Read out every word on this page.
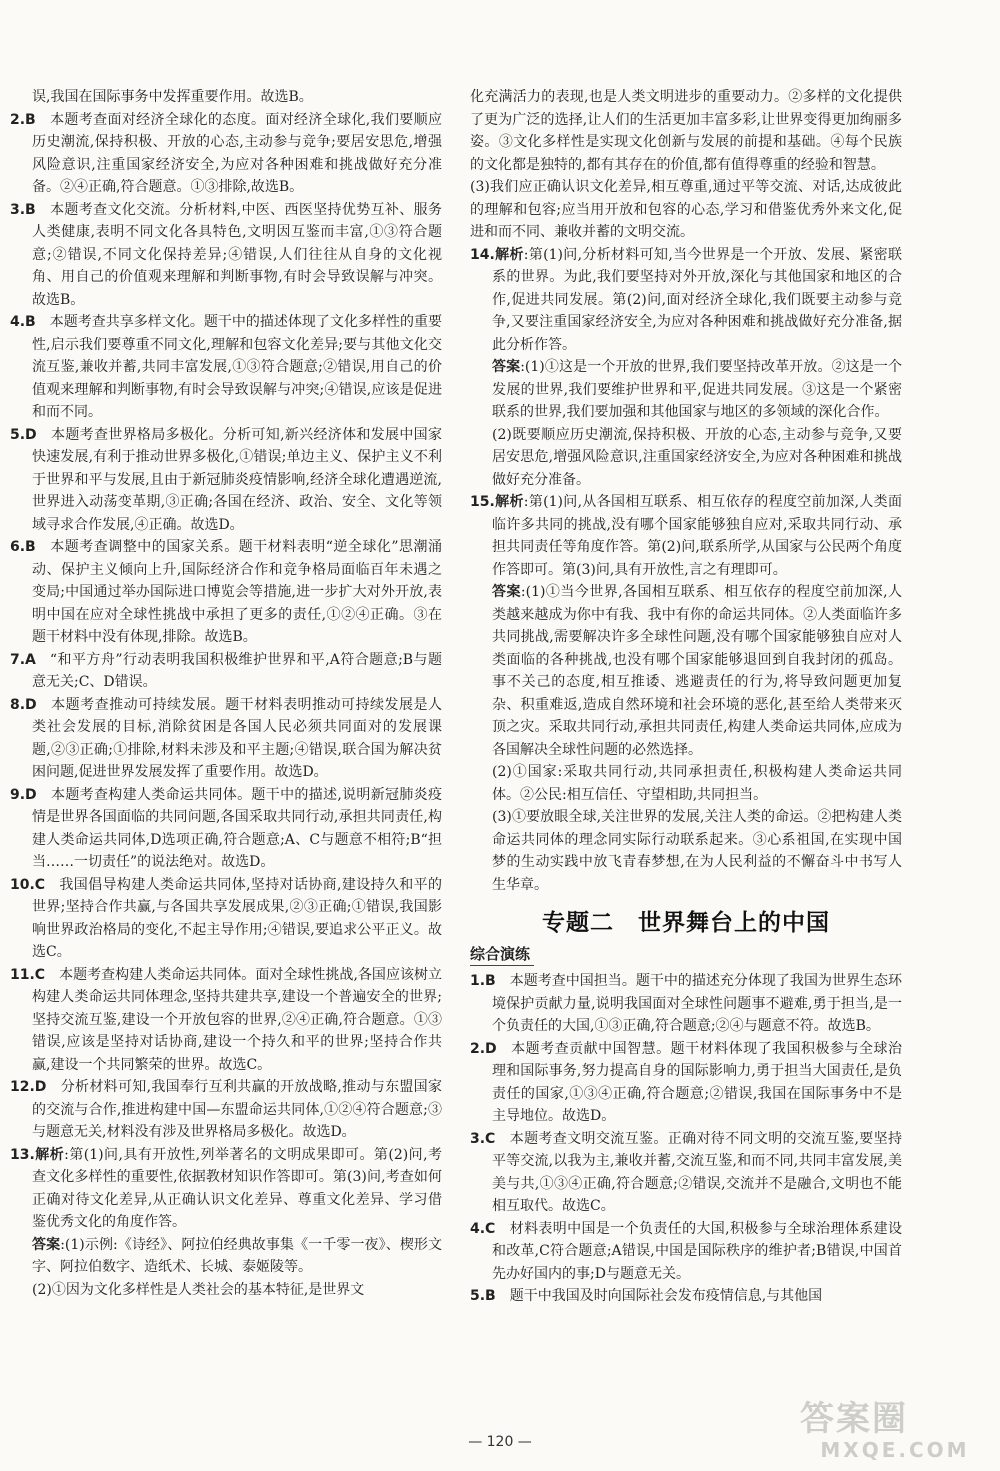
误,我国在国际事务中发挥重要作用。故选B。

2.B 本题考查面对经济全球化的态度。面对经济全球化,我们要顺应历史潮流,保持积极、开放的心态,主动参与竞争;要居安思危,增强风险意识,注重国家经济安全,为应对各种困难和挑战做好充分准备。②④正确,符合题意。①③排除,故选B。

3.B 本题考查文化交流。分析材料,中医、西医坚持优势互补、服务人类健康,表明不同文化各具特色,文明因互鉴而丰富,①③符合题意;②错误,不同文化保持差异;④错误,人们往往从自身的文化视角、用自己的价值观来理解和判断事物,有时会导致误解与冲突。故选B。

4.B 本题考查共享多样文化。题干中的描述体现了文化多样性的重要性,启示我们要尊重不同文化,理解和包容文化差异;要与其他文化交流互鉴,兼收并蓄,共同丰富发展,①③符合题意;②错误,用自己的价值观来理解和判断事物,有时会导致误解与冲突;④错误,应该是促进和而不同。

5.D 本题考查世界格局多极化。分析可知,新兴经济体和发展中国家快速发展,有利于推动世界多极化,①错误;单边主义、保护主义不利于世界和平与发展,且由于新冠肺炎疫情影响,经济全球化遭遇逆流,世界进入动荡变革期,③正确;各国在经济、政治、安全、文化等领域寻求合作发展,④正确。故选D。

6.B 本题考查调整中的国家关系。题干材料表明“逆全球化”思潮涌动、保护主义倾向上升,国际经济合作和竞争格局面临百年未遇之变局;中国通过举办国际进口博览会等措施,进一步扩大对外开放,表明中国在应对全球性挑战中承担了更多的责任,①②④正确。③在题干材料中没有体现,排除。故选B。

7.A “和平方舟”行动表明我国积极维护世界和平,A符合题意;B与题意无关;C、D错误。

8.D 本题考查推动可持续发展。题干材料表明推动可持续发展是人类社会发展的目标,消除贫困是各国人民必须共同面对的发展课题,②③正确;①排除,材料未涉及和平主题;④错误,联合国为解决贫困问题,促进世界发展发挥了重要作用。故选D。

9.D 本题考查构建人类命运共同体。题干中的描述,说明新冠肺炎疫情是世界各国面临的共同问题,各国采取共同行动,承担共同责任,构建人类命运共同体,D选项正确,符合题意;A、C与题意不相符;B“担当……一切责任”的说法绝对。故选D。

10.C 我国倡导构建人类命运共同体,坚持对话协商,建设持久和平的世界;坚持合作共赢,与各国共享发展成果,②③正确;①错误,我国影响世界政治格局的变化,不起主导作用;④错误,要追求公平正义。故选C。

11.C 本题考查构建人类命运共同体。面对全球性挑战,各国应该树立构建人类命运共同体理念,坚持共建共享,建设一个普遍安全的世界;坚持交流互鉴,建设一个开放包容的世界,②④正确,符合题意。①③错误,应该是坚持对话协商,建设一个持久和平的世界;坚持合作共赢,建设一个共同繁荣的世界。故选C。

12.D 分析材料可知,我国奉行互利共赢的开放战略,推动与东盟国家的交流与合作,推进构建中国—东盟命运共同体,①②④符合题意;③与题意无关,材料没有涉及世界格局多极化。故选D。

13.解析:第(1)问,具有开放性,列举著名的文明成果即可。第(2)问,考查文化多样性的重要性,依据教材知识作答即可。第(3)问,考查如何正确对待文化差异,从正确认识文化差异、尊重文化差异、学习借鉴优秀文化的角度作答。

答案:(1)示例:《诗经》、阿拉伯经典故事集《一千零一夜》、楔形文字、阿拉伯数字、造纸术、长城、泰姬陵等。

(2)①因为文化多样性是人类社会的基本特征,是世界文

化充满活力的表现,也是人类文明进步的重要动力。②多样的文化提供了更为广泛的选择,让人们的生活更加丰富多彩,让世界变得更加绚丽多姿。③文化多样性是实现文化创新与发展的前提和基础。④每个民族的文化都是独特的,都有其存在的价值,都有值得尊重的经验和智慧。

(3)我们应正确认识文化差异,相互尊重,通过平等交流、对话,达成彼此的理解和包容;应当用开放和包容的心态,学习和借鉴优秀外来文化,促进和而不同、兼收并蓄的文明交流。

14.解析:第(1)问,分析材料可知,当今世界是一个开放、发展、紧密联系的世界。为此,我们要坚持对外开放,深化与其他国家和地区的合作,促进共同发展。第(2)问,面对经济全球化,我们既要主动参与竞争,又要注重国家经济安全,为应对各种困难和挑战做好充分准备,据此分析作答。

答案:(1)①这是一个开放的世界,我们要坚持改革开放。②这是一个发展的世界,我们要维护世界和平,促进共同发展。③这是一个紧密联系的世界,我们要加强和其他国家与地区的多领域的深化合作。

(2)既要顺应历史潮流,保持积极、开放的心态,主动参与竞争,又要居安思危,增强风险意识,注重国家经济安全,为应对各种困难和挑战做好充分准备。

15.解析:第(1)问,从各国相互联系、相互依存的程度空前加深,人类面临许多共同的挑战,没有哪个国家能够独自应对,采取共同行动、承担共同责任等角度作答。第(2)问,联系所学,从国家与公民两个角度作答即可。第(3)问,具有开放性,言之有理即可。

答案:(1)①当今世界,各国相互联系、相互依存的程度空前加深,人类越来越成为你中有我、我中有你的命运共同体。②人类面临许多共同挑战,需要解决许多全球性问题,没有哪个国家能够独自应对人类面临的各种挑战,也没有哪个国家能够退回到自我封闭的孤岛。事不关己的态度,相互推诿、逃避责任的行为,将导致问题更加复杂、积重难返,造成自然环境和社会环境的恶化,甚至给人类带来灭顶之灾。采取共同行动,承担共同责任,构建人类命运共同体,应成为各国解决全球性问题的必然选择。

(2)①国家:采取共同行动,共同承担责任,积极构建人类命运共同体。②公民:相互信任、守望相助,共同担当。

(3)①要放眼全球,关注世界的发展,关注人类的命运。②把构建人类命运共同体的理念同实际行动联系起来。③心系祖国,在实现中国梦的生动实践中放飞青春梦想,在为人民利益的不懈奋斗中书写人生华章。

专题二　世界舞台上的中国
综合演练

1.B 本题考查中国担当。题干中的描述充分体现了我国为世界生态环境保护贡献力量,说明我国面对全球性问题事不避难,勇于担当,是一个负责任的大国,①③正确,符合题意;②④与题意不符。故选B。

2.D 本题考查贡献中国智慧。题干材料体现了我国积极参与全球治理和国际事务,努力提高自身的国际影响力,勇于担当大国责任,是负责任的国家,①③④正确,符合题意;②错误,我国在国际事务中不是主导地位。故选D。

3.C 本题考查文明交流互鉴。正确对待不同文明的交流互鉴,要坚持平等交流,以我为主,兼收并蓄,交流互鉴,和而不同,共同丰富发展,美美与共,①③④正确,符合题意;②错误,交流并不是融合,文明也不能相互取代。故选C。

4.C 材料表明中国是一个负责任的大国,积极参与全球治理体系建设和改革,C符合题意;A错误,中国是国际秩序的维护者;B错误,中国首先办好国内的事;D与题意无关。

5.B 题干中我国及时向国际社会发布疫情信息,与其他国

— 120 —
答案圈
MXQE.COM
